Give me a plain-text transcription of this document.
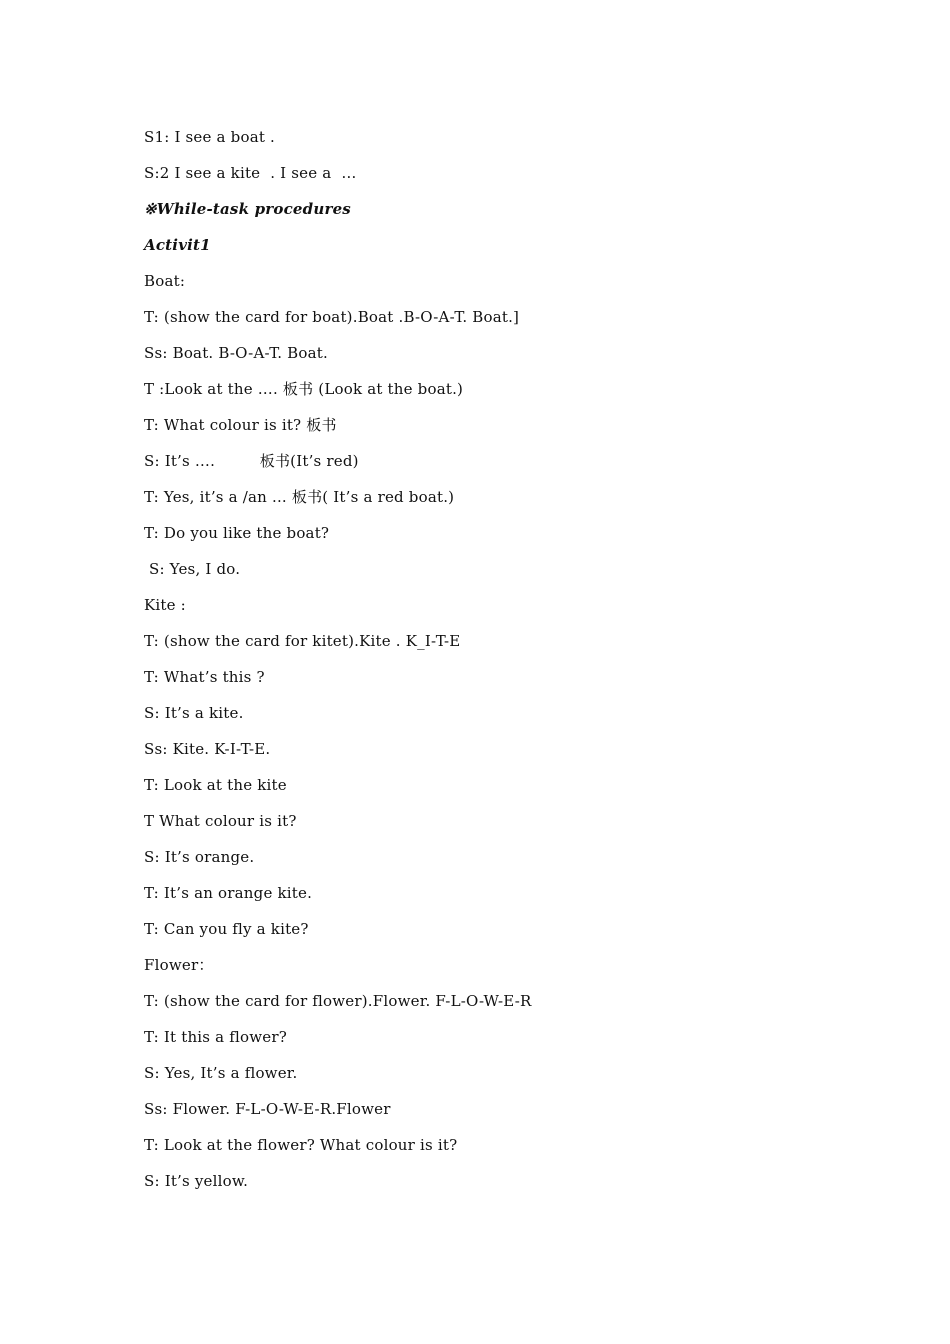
S1: I see a boat .
S:2 I see a kite  . I see a  …
※While-task procedures
Activit1
Boat:
T: (show the card for boat).Boat .B-O-A-T. Boat.]
Ss: Boat. B-O-A-T. Boat.
T :Look at the …. 板书 (Look at the boat.)
T: What colour is it? 板书
S: It’s ….         板书(It’s red)
T: Yes, it’s a /an ... 板书( It’s a red boat.)
T: Do you like the boat?
S: Yes, I do.
Kite :
T: (show the card for kitet).Kite . K_I-T-E
T: What’s this ?
S: It’s a kite.
Ss: Kite. K-I-T-E.
T: Look at the kite
T What colour is it?
S: It’s orange.
T: It’s an orange kite.
T: Can you fly a kite?
Flower：
T: (show the card for flower).Flower. F-L-O-W-E-R
T: It this a flower?
S: Yes, It’s a flower.
Ss: Flower. F-L-O-W-E-R.Flower
T: Look at the flower? What colour is it?
S: It’s yellow.
